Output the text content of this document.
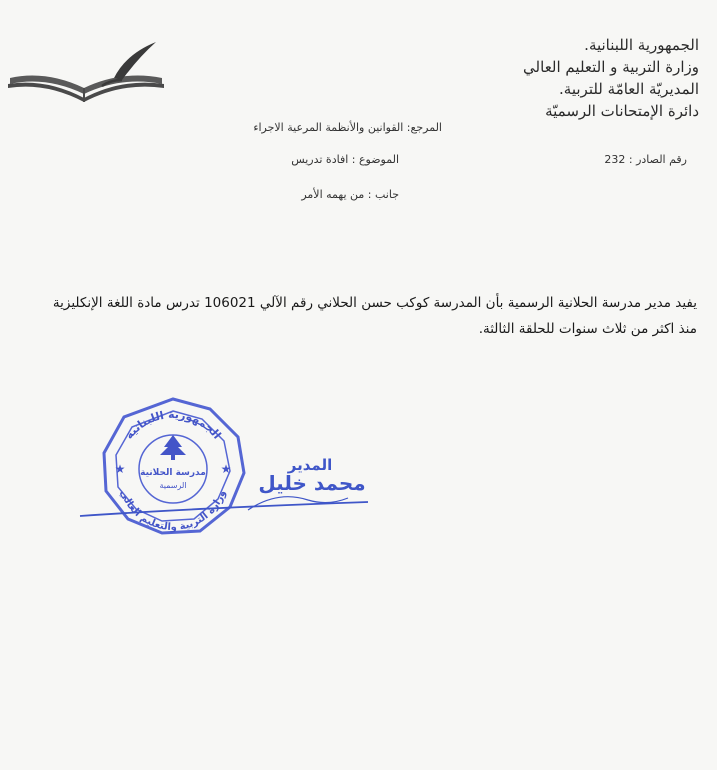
الجمهورية اللبنانية.
وزارة التربية و التعليم العالي
المديريّة العامّة للتربية.
دائرة الإمتحانات الرسميّة
المرجع: القوانين والأنظمة المرعية الاجراء
رقم الصادر : 232
الموضوع : افادة تدريس
جانب : من يهمه الأمر
يفيد مدير مدرسة الحلانية الرسمية بأن المدرسة كوكب حسن الحلاني رقم الآلي 106021 تدرس مادة اللغة الإنكليزية
منذ اكثر من ثلاث سنوات للحلقة الثالثة.
الجمهورية اللبنانية
وزارة التربية والتعليم العالي
مدرسة الحلانية
الرسمية
★	★	المدير
محمد خليل
